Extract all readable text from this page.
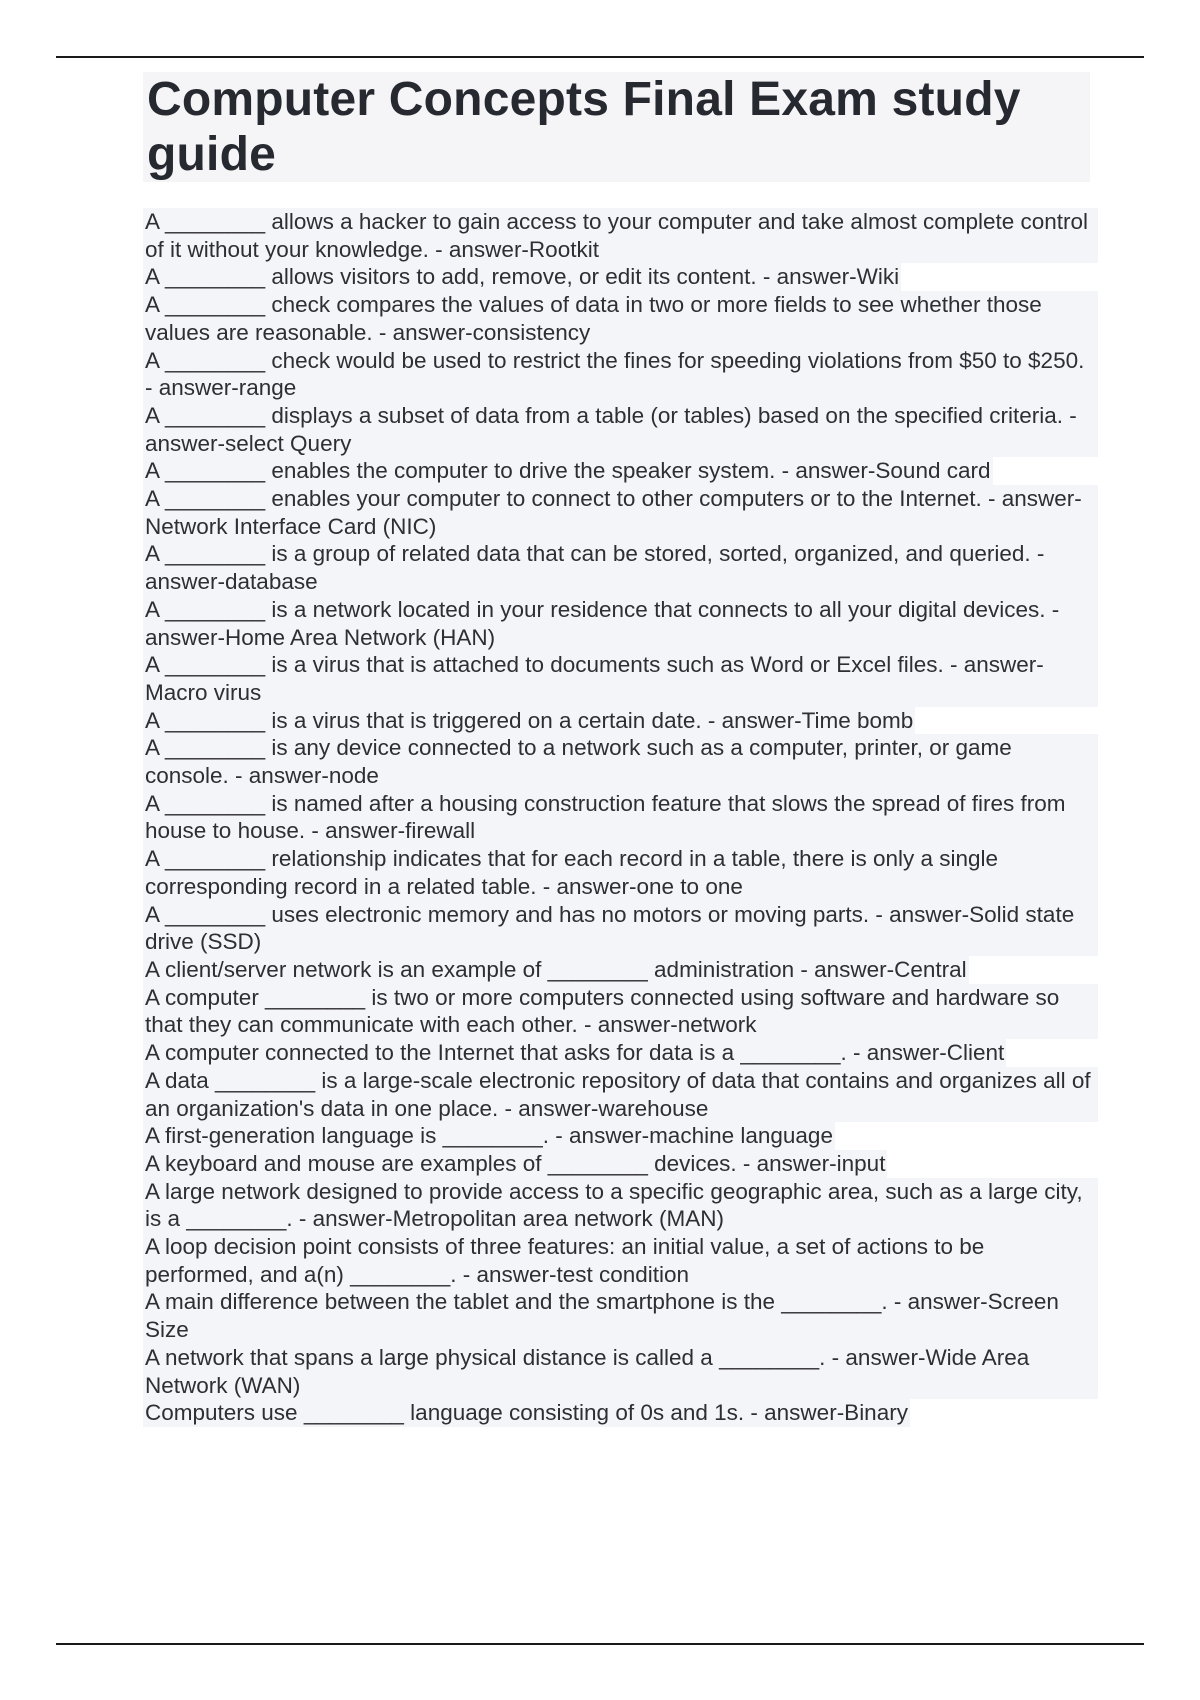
Computer Concepts Final Exam study guide
A ________ allows a hacker to gain access to your computer and take almost complete control of it without your knowledge. - answer-Rootkit
A ________ allows visitors to add, remove, or edit its content. - answer-Wiki
A ________ check compares the values of data in two or more fields to see whether those values are reasonable. - answer-consistency
A ________ check would be used to restrict the fines for speeding violations from $50 to $250. - answer-range
A ________ displays a subset of data from a table (or tables) based on the specified criteria. - answer-select Query
A ________ enables the computer to drive the speaker system. - answer-Sound card
A ________ enables your computer to connect to other computers or to the Internet. - answer-Network Interface Card (NIC)
A ________ is a group of related data that can be stored, sorted, organized, and queried. - answer-database
A ________ is a network located in your residence that connects to all your digital devices. - answer-Home Area Network (HAN)
A ________ is a virus that is attached to documents such as Word or Excel files. - answer-Macro virus
A ________ is a virus that is triggered on a certain date. - answer-Time bomb
A ________ is any device connected to a network such as a computer, printer, or game console. - answer-node
A ________ is named after a housing construction feature that slows the spread of fires from house to house. - answer-firewall
A ________ relationship indicates that for each record in a table, there is only a single corresponding record in a related table. - answer-one to one
A ________ uses electronic memory and has no motors or moving parts. - answer-Solid state drive (SSD)
A client/server network is an example of ________ administration - answer-Central
A computer ________ is two or more computers connected using software and hardware so that they can communicate with each other. - answer-network
A computer connected to the Internet that asks for data is a ________. - answer-Client
A data ________ is a large-scale electronic repository of data that contains and organizes all of an organization's data in one place. - answer-warehouse
A first-generation language is ________. - answer-machine language
A keyboard and mouse are examples of ________ devices. - answer-input
A large network designed to provide access to a specific geographic area, such as a large city, is a ________. - answer-Metropolitan area network (MAN)
A loop decision point consists of three features: an initial value, a set of actions to be performed, and a(n) ________. - answer-test condition
A main difference between the tablet and the smartphone is the ________. - answer-Screen Size
A network that spans a large physical distance is called a ________. - answer-Wide Area Network (WAN)
Computers use ________ language consisting of 0s and 1s. - answer-Binary
